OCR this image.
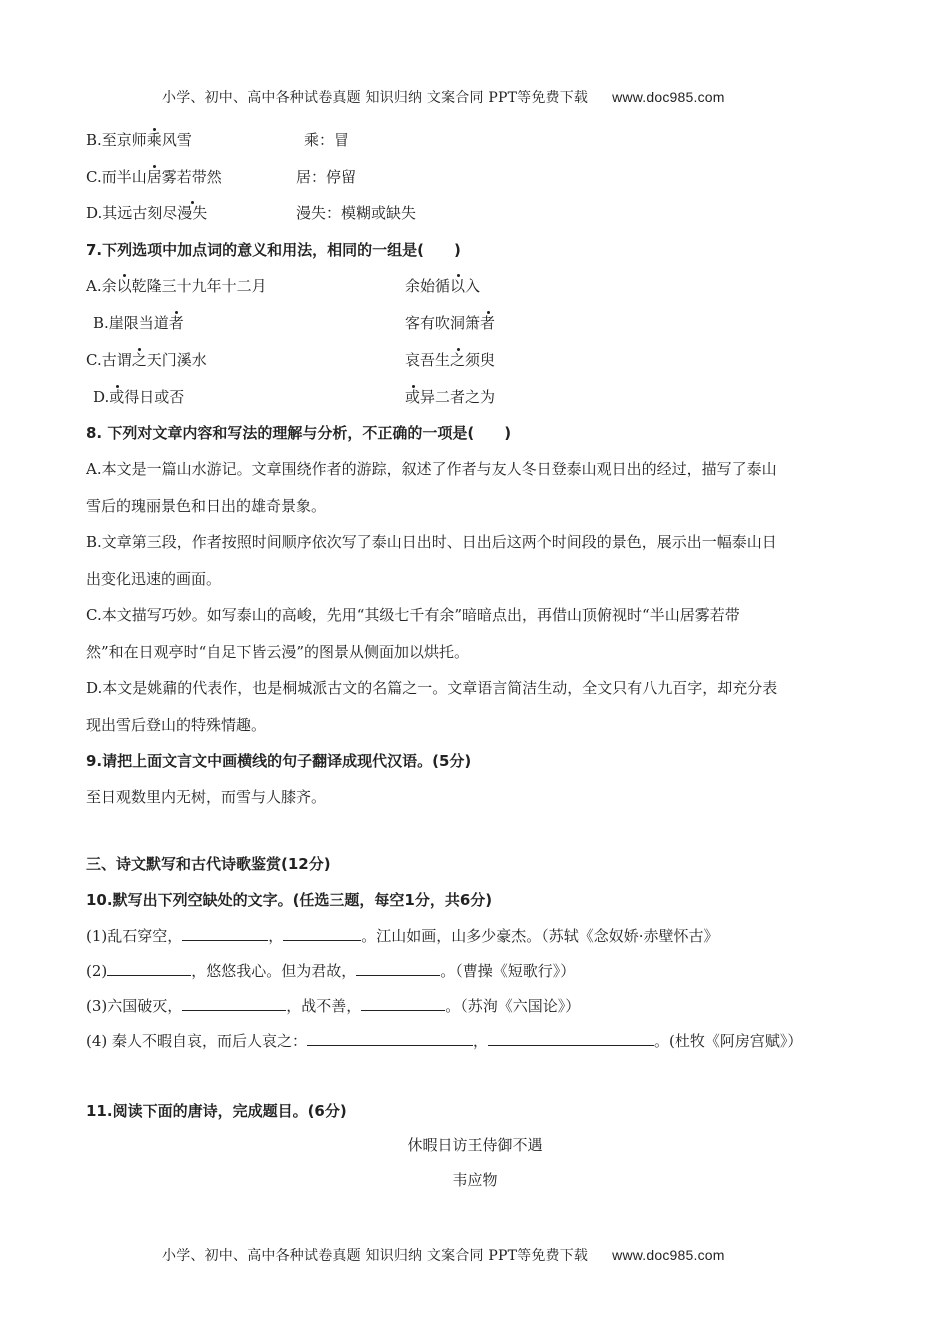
小学、初中、高中各种试卷真题 知识归纳 文案合同 PPT等免费下载 www.doc985.com
B.至京师乘风雪	乘：冒
C.而半山居雾若带然	居：停留
D.其远古刻尽漫失	漫失：模糊或缺失
7.下列选项中加点词的意义和用法，相同的一组是(　　)
A.余以乾隆三十九年十二月	余始循以入
B.崖限当道者	客有吹洞箫者
C.古谓之天门溪水	哀吾生之须臾
D.或得日或否	或异二者之为
8. 下列对文章内容和写法的理解与分析，不正确的一项是(　　)
A.本文是一篇山水游记。文章围绕作者的游踪，叙述了作者与友人冬日登泰山观日出的经过，描写了泰山
雪后的瑰丽景色和日出的雄奇景象。
B.文章第三段，作者按照时间顺序依次写了泰山日出时、日出后这两个时间段的景色，展示出一幅泰山日
出变化迅速的画面。
C.本文描写巧妙。如写泰山的高峻，先用“其级七千有余”暗暗点出，再借山顶俯视时“半山居雾若带
然”和在日观亭时“自足下皆云漫”的图景从侧面加以烘托。
D.本文是姚鼐的代表作，也是桐城派古文的名篇之一。文章语言简洁生动，全文只有八九百字，却充分表
现出雪后登山的特殊情趣。
9.请把上面文言文中画横线的句子翻译成现代汉语。(5分)
至日观数里内无树，而雪与人膝齐。
三、诗文默写和古代诗歌鉴赏(12分)
10.默写出下列空缺处的文字。(任选三题，每空1分，共6分)
(1)乱石穿空，	，	。江山如画，山多少豪杰。（苏轼《念奴娇·赤壁怀古》
(2)	，悠悠我心。但为君故，	。（曹操《短歌行》）
(3)六国破灭，	，战不善，	。（苏洵《六国论》）
(4) 秦人不暇自哀，而后人哀之：	，	。(杜牧《阿房宫赋》）
11.阅读下面的唐诗，完成题目。(6分)
休暇日访王侍御不遇
韦应物
小学、初中、高中各种试卷真题 知识归纳 文案合同 PPT等免费下载 www.doc985.com
